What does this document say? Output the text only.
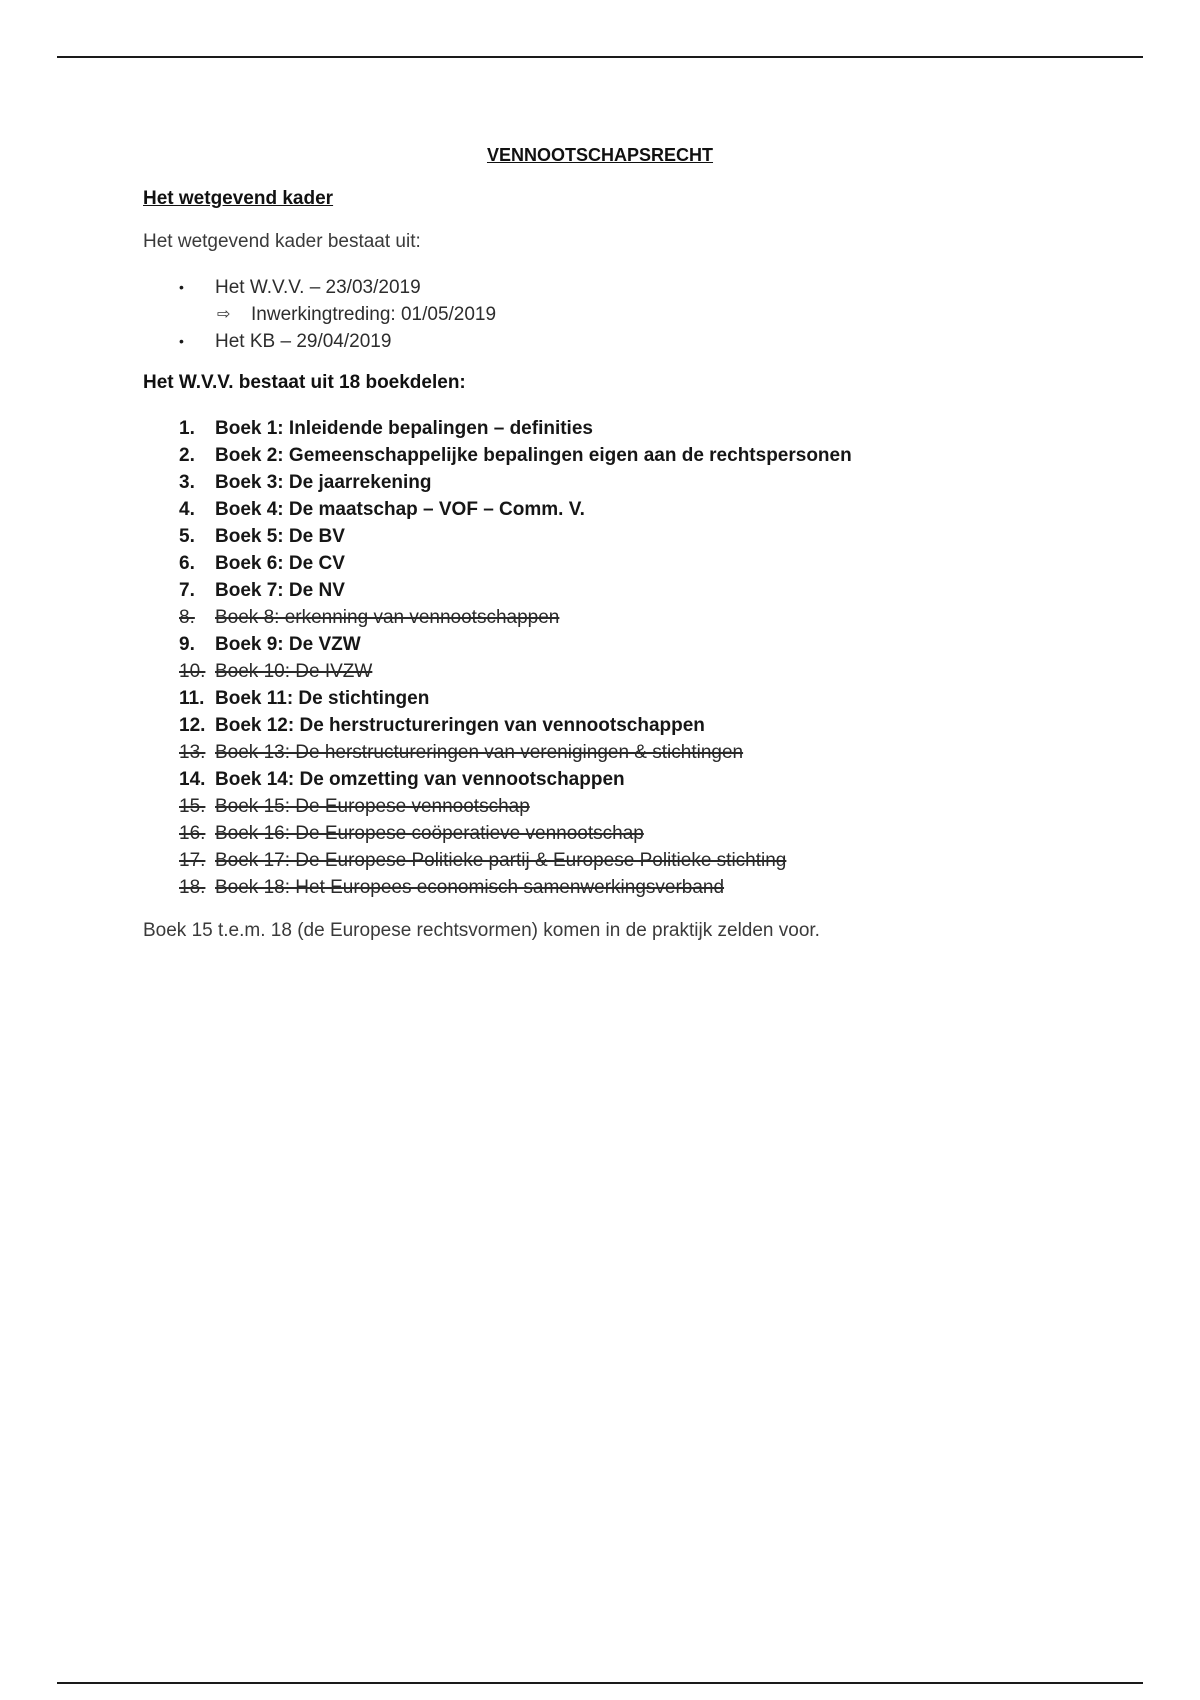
VENNOOTSCHAPSRECHT
Het wetgevend kader
Het wetgevend kader bestaat uit:
• Het W.V.V. – 23/03/2019
⇨ Inwerkingtreding: 01/05/2019
• Het KB – 29/04/2019
Het W.V.V. bestaat uit 18 boekdelen:
1. Boek 1: Inleidende bepalingen – definities
2. Boek 2: Gemeenschappelijke bepalingen eigen aan de rechtspersonen
3. Boek 3: De jaarrekening
4. Boek 4: De maatschap – VOF – Comm. V.
5. Boek 5: De BV
6. Boek 6: De CV
7. Boek 7: De NV
8. Boek 8: erkenning van vennootschappen
9. Boek 9: De VZW
10. Boek 10: De IVZW
11. Boek 11: De stichtingen
12. Boek 12: De herstructureringen van vennootschappen
13. Boek 13: De herstructureringen van verenigingen & stichtingen
14. Boek 14: De omzetting van vennootschappen
15. Boek 15: De Europese vennootschap
16. Boek 16: De Europese coöperatieve vennootschap
17. Boek 17: De Europese Politieke partij & Europese Politieke stichting
18. Boek 18: Het Europees economisch samenwerkingsverband
Boek 15 t.e.m. 18 (de Europese rechtsvormen) komen in de praktijk zelden voor.
